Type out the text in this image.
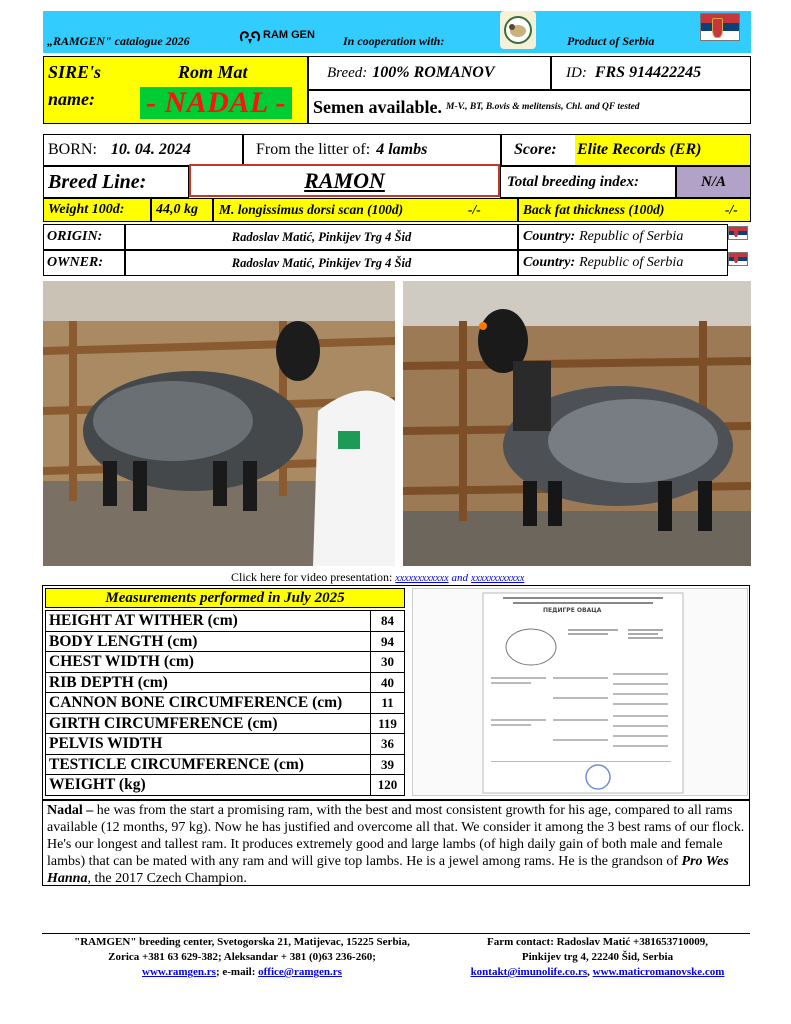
„RAMGEN" catalogue 2026	RAM GEN In cooperation with:	Product of Serbia
SIRE's
name:
Rom Mat
- NADAL -
Breed: 100% ROMANOV	ID: FRS 914422245
Semen available. M-V., BT, B.ovis & melitensis, Chl. and QF tested
BORN: 10. 04. 2024	From the litter of: 4 lambs	Score: Elite Records (ER)
Breed Line:	RAMON	Total breeding index:	N/A
Weight 100d: 44,0 kg M. longissimus dorsi scan (100d)	-/-	Back fat thickness (100d)	-/-
ORIGIN:	Radoslav Matić, Pinkijev Trg 4 Šid	Country: Republic of Serbia
OWNER:	Radoslav Matić, Pinkijev Trg 4 Šid	Country: Republic of Serbia
Click here for video presentation: xxxxxxxxxxxx and xxxxxxxxxxxx
Measurements performed in July 2025
HEIGHT AT WITHER (cm)	84
BODY LENGTH (cm)	94
CHEST WIDTH (cm)	30
RIB DEPTH (cm)	40
CANNON BONE CIRCUMFERENCE (cm)	11
GIRTH CIRCUMFERENCE (cm)	119
PELVIS WIDTH	36
TESTICLE CIRCUMFERENCE (cm)	39
WEIGHT (kg)	120
ПЕДИГРЕ ОВАЦА
Nadal – he was from the start a promising ram, with the best and most consistent growth for his age, compared to all rams available (12 months, 97 kg). Now he has justified and overcome all that. We consider it among the 3 best rams of our flock. He's our longest and tallest ram. It produces extremely good and large lambs (of high daily gain of both male and female lambs) that can be mated with any ram and will give top lambs. He is a jewel among rams. He is the grandson of Pro Wes Hanna, the 2017 Czech Champion.
"RAMGEN" breeding center, Svetogorska 21, Matijevac, 15225 Serbia,
Zorica +381 63 629-382; Aleksandar + 381 (0)63 236-260;
www.ramgen.rs; e-mail: office@ramgen.rs
Farm contact: Radoslav Matić +381653710009,
Pinkijev trg 4, 22240 Šid, Serbia
kontakt@imunolife.co.rs, www.maticromanovske.com
